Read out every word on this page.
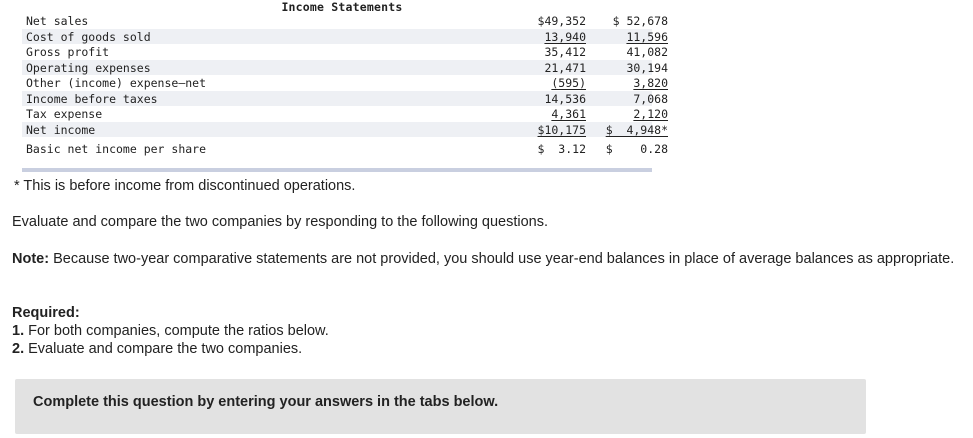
Income Statements
Net sales	$49,352	$ 52,678
Cost of goods sold	13,940	11,596
Gross profit	35,412	41,082
Operating expenses	21,471	30,194
Other (income) expense—net	(595)	3,820
Income before taxes	14,536	7,068
Tax expense	4,361	2,120
Net income	$10,175	$  4,948*
Basic net income per share	$  3.12	$    0.28
* This is before income from discontinued operations.
Evaluate and compare the two companies by responding to the following questions.
Note: Because two-year comparative statements are not provided, you should use year-end balances in place of average balances as appropriate.
Required:
1. For both companies, compute the ratios below.
2. Evaluate and compare the two companies.
Complete this question by entering your answers in the tabs below.
